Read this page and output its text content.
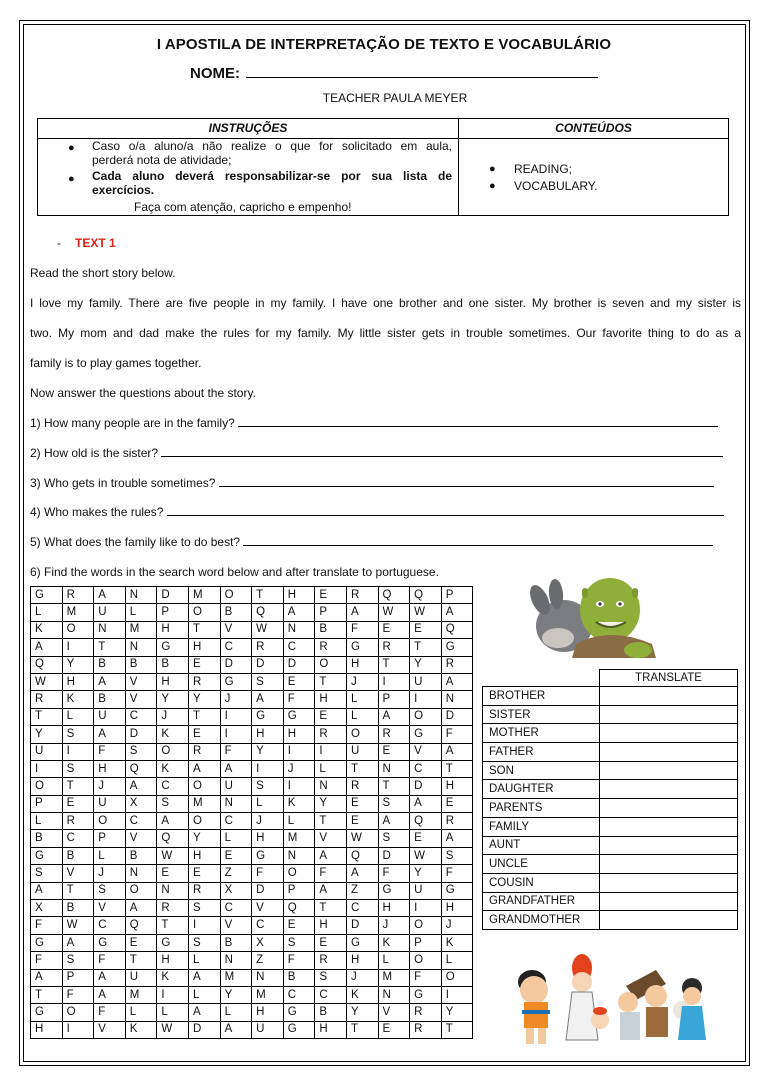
I APOSTILA DE INTERPRETAÇÃO DE TEXTO E VOCABULÁRIO
NOME:
TEACHER PAULA MEYER
INSTRUÇÕES	CONTEÚDOS
● Caso o/a aluno/a não realize o que for solicitado em aula,
perderá nota de atividade;
● Cada aluno deverá responsabilizar-se por sua lista de
exercícios.
Faça com atenção, capricho e empenho!
● READING;
● VOCABULARY.
- TEXT 1
Read the short story below.
I love my family. There are five people in my family. I have one brother and one sister. My brother is seven and my sister is
two. My mom and dad make the rules for my family. My little sister gets in trouble sometimes. Our favorite thing to do as a
family is to play games together.
Now answer the questions about the story.
1) How many people are in the family?
2) How old is the sister?
3) Who gets in trouble sometimes?
4) Who makes the rules?
5) What does the family like to do best?
6) Find the words in the search word below and after translate to portuguese.
G	R	A	N	D	M	O	T	H	E	R	Q	Q	P
L	M	U	L	P	O	B	Q	A	P	A	W	W	A
K	O	N	M	H	T	V	W	N	B	F	E	E	Q
A	I	T	N	G	H	C	R	C	R	G	R	T	G
Q	Y	B	B	B	E	D	D	D	O	H	T	Y	R
W	H	A	V	H	R	G	S	E	T	J	I	U	A
R	K	B	V	Y	Y	J	A	F	H	L	P	I	N
T	L	U	C	J	T	I	G	G	E	L	A	O	D
Y	S	A	D	K	E	I	H	H	R	O	R	G	F
U	I	F	S	O	R	F	Y	I	I	U	E	V	A
I	S	H	Q	K	A	A	I	J	L	T	N	C	T
O	T	J	A	C	O	U	S	I	N	R	T	D	H
P	E	U	X	S	M	N	L	K	Y	E	S	A	E
L	R	O	C	A	O	C	J	L	T	E	A	Q	R
B	C	P	V	Q	Y	L	H	M	V	W	S	E	A
G	B	L	B	W	H	E	G	N	A	Q	D	W	S
S	V	J	N	E	E	Z	F	O	F	A	F	Y	F
A	T	S	O	N	R	X	D	P	A	Z	G	U	G
X	B	V	A	R	S	C	V	Q	T	C	H	I	H
F	W	C	Q	T	I	V	C	E	H	D	J	O	J
G	A	G	E	G	S	B	X	S	E	G	K	P	K
F	S	F	T	H	L	N	Z	F	R	H	L	O	L
A	P	A	U	K	A	M	N	B	S	J	M	F	O
T	F	A	M	I	L	Y	M	C	C	K	N	G	I
G	O	F	L	L	A	L	H	G	B	Y	V	R	Y
H	I	V	K	W	D	A	U	G	H	T	E	R	T
	TRANSLATE
BROTHER	
SISTER	
MOTHER	
FATHER	
SON	
DAUGHTER	
PARENTS	
FAMILY	
AUNT	
UNCLE	
COUSIN	
GRANDFATHER	
GRANDMOTHER	
